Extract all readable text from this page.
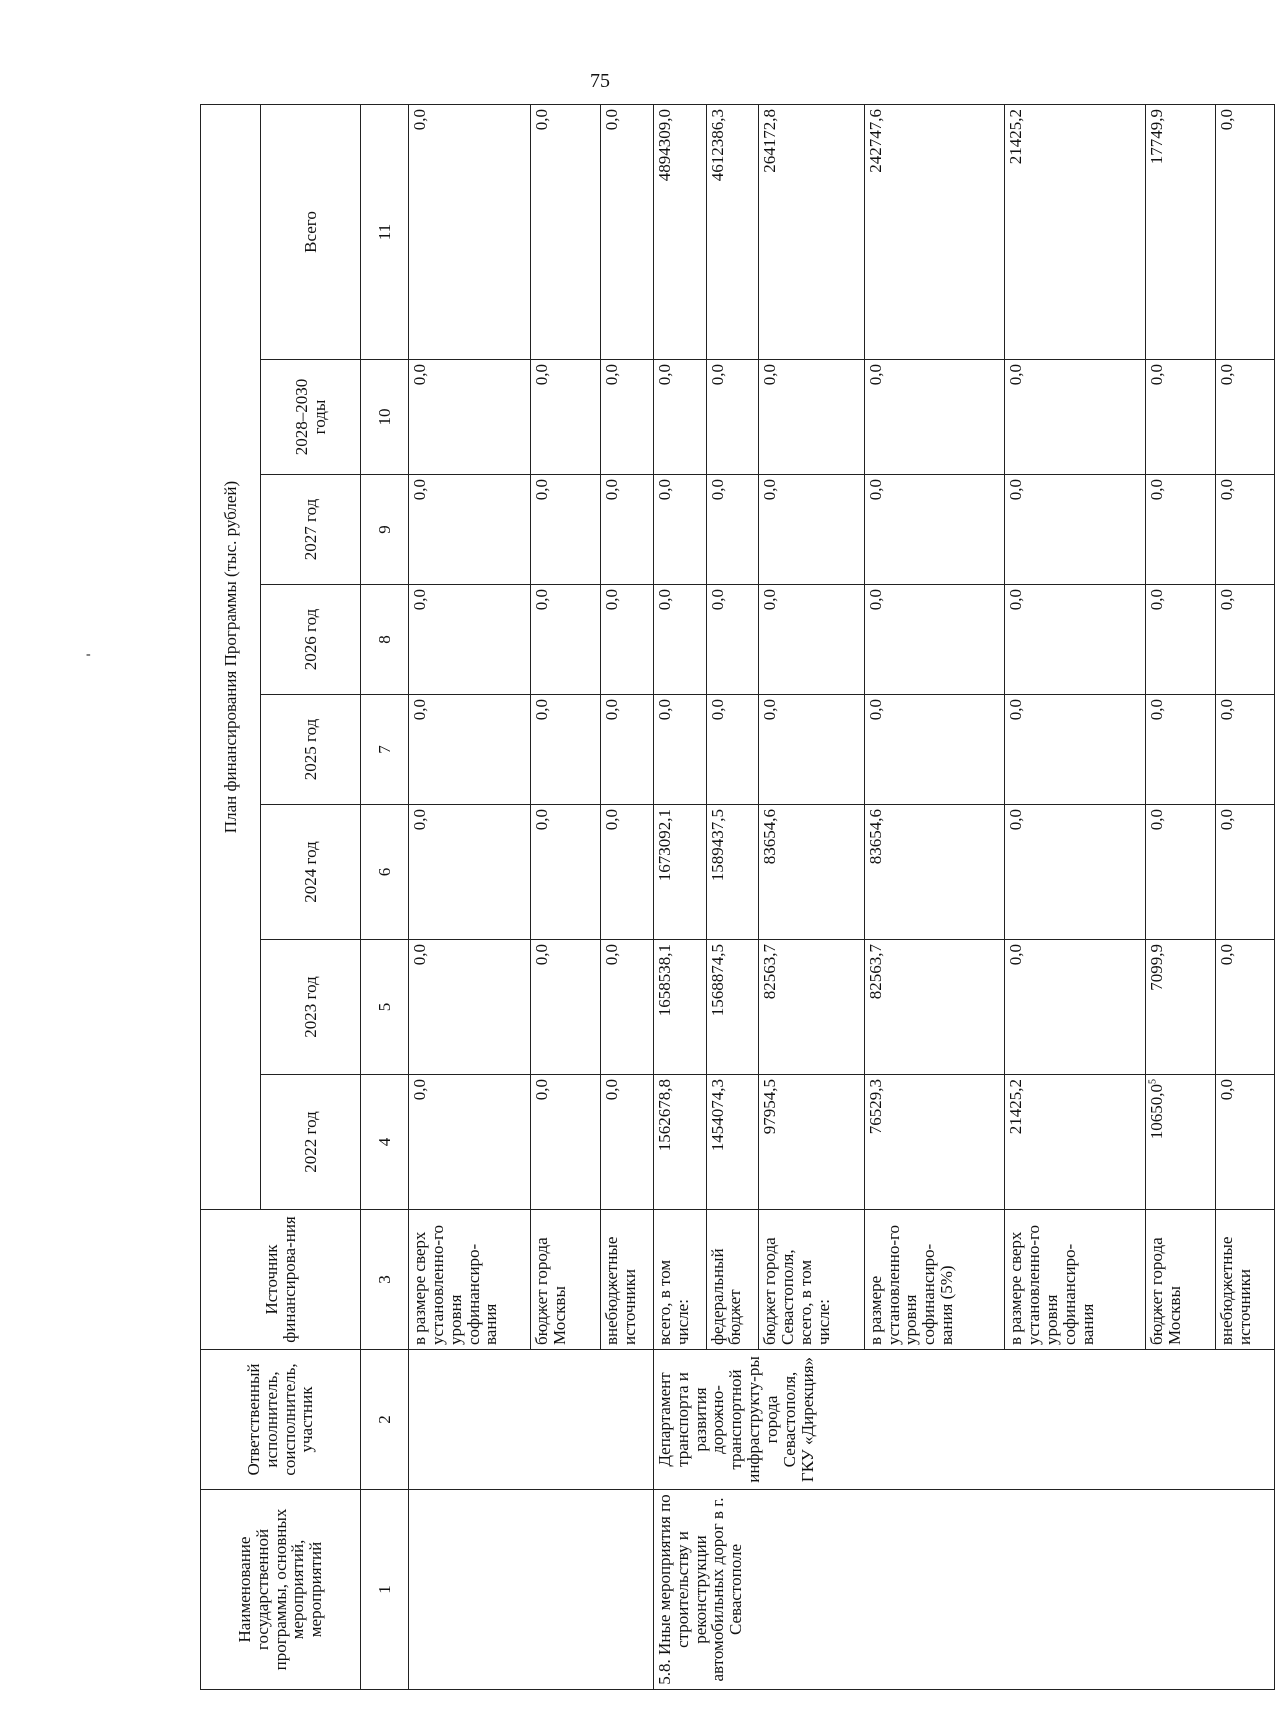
75
-
Наименование государственной программы, основных мероприятий, мероприятий	Ответственный исполнитель, соисполнитель, участник	Источник финансирова-ния	План финансирования Программы (тыс. рублей)							
			2022 год	2023 год	2024 год	2025 год	2026 год	2027 год	2028–2030 годы	Всего
1	2	3	4	5	6	7	8	9	10	11
		в размере сверх установленно-го уровня софинансиро-вания	0,0	0,0	0,0	0,0	0,0	0,0	0,0	0,0
		бюджет города Москвы	0,0	0,0	0,0	0,0	0,0	0,0	0,0	0,0
		внебюджетные источники	0,0	0,0	0,0	0,0	0,0	0,0	0,0	0,0
5.8. Иные мероприятия по строительству и реконструкции автомобильных дорог в г. Севастополе	Департамент транспорта и развития дорожно-транспортной инфраструкту-ры города Севастополя, ГКУ «Дирекция»	всего, в том числе:	1562678,8	1658538,1	1673092,1	0,0	0,0	0,0	0,0	4894309,0
		федеральный бюджет	1454074,3	1568874,5	1589437,5	0,0	0,0	0,0	0,0	4612386,3
		бюджет города Севастополя, всего, в том числе:	97954,5	82563,7	83654,6	0,0	0,0	0,0	0,0	264172,8
		в размере установленно-го уровня софинансиро-вания (5%)	76529,3	82563,7	83654,6	0,0	0,0	0,0	0,0	242747,6
		в размере сверх установленно-го уровня софинансиро-вания	21425,2	0,0	0,0	0,0	0,0	0,0	0,0	21425,2
		бюджет города Москвы	10650,0$^5$	7099,9	0,0	0,0	0,0	0,0	0,0	17749,9
		внебюджетные источники	0,0	0,0	0,0	0,0	0,0	0,0	0,0	0,0
